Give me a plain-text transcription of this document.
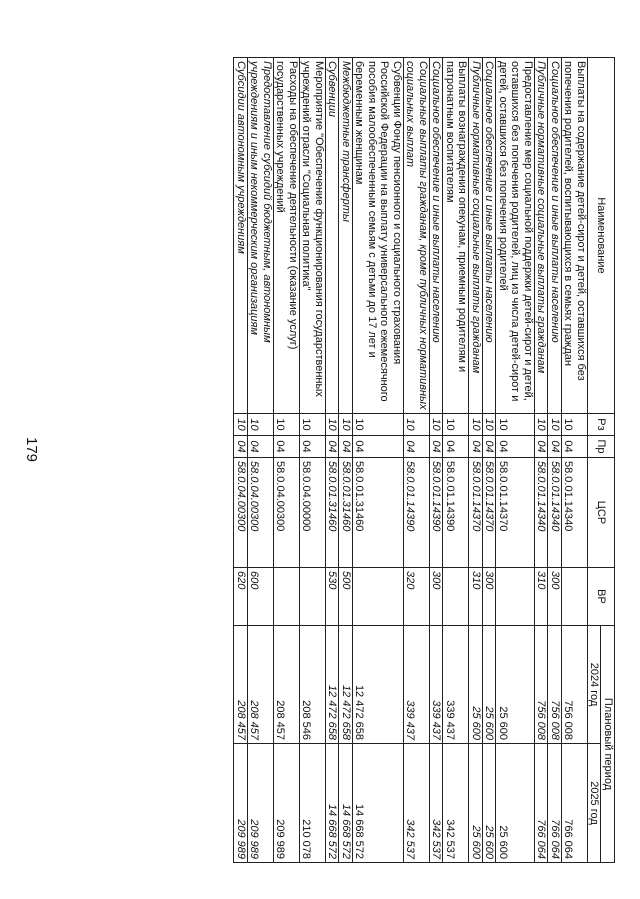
179
Наименование	Рз	Пр	ЦСР	ВР	Плановый период	
					2024 год	2025 год
Выплаты на содержание детей-сирот и детей, оставшихся без попечения родителей, воспитывающихся в семьях граждан	10	04	58.0.01.14340		756 008	766 064
Социальное обеспечение и иные выплаты населению	10	04	58.0.01.14340	300	756 008	766 064
Публичные нормативные социальные выплаты гражданам	10	04	58.0.01.14340	310	756 008	766 064
Предоставление мер социальной поддержки детей-сирот и детей, оставшихся без попечения родителей, лиц из числа детей-сирот и детей, оставшихся без попечения родителей	10	04	58.0.01.14370		25 600	25 600
Социальное обеспечение и иные выплаты населению	10	04	58.0.01.14370	300	25 600	25 600
Публичные нормативные социальные выплаты гражданам	10	04	58.0.01.14370	310	25 600	25 600
Выплаты вознаграждения опекунам, приемным родителям и патронатным воспитателям	10	04	58.0.01.14390		339 437	342 537
Социальное обеспечение и иные выплаты населению	10	04	58.0.01.14390	300	339 437	342 537
Социальные выплаты гражданам, кроме публичных нормативных социальных выплат	10	04	58.0.01.14390	320	339 437	342 537
Субвенции Фонду пенсионного и социального страхования Российской Федерации на выплату универсального ежемесячного пособия малообеспеченным семьям с детьми до 17 лет и беременным женщинам	10	04	58.0.01.31460		12 472 658	14 668 572
Межбюджетные трансферты	10	04	58.0.01.31460	500	12 472 658	14 668 572
Субвенции	10	04	58.0.01.31460	530	12 472 658	14 668 572
Мероприятие "Обеспечение функционирования государственных учреждений отрасли "Социальная политика"	10	04	58.0.04.00000		208 546	210 078
Расходы на обеспечение деятельности (оказание услуг) государственных учреждений	10	04	58.0.04.00300		208 457	209 989
Предоставление субсидий бюджетным, автономным учреждениям и иным некоммерческим организациям	10	04	58.0.04.00300	600	208 457	209 989
Субсидии автономным учреждениям	10	04	58.0.04.00300	620	208 457	209 989
